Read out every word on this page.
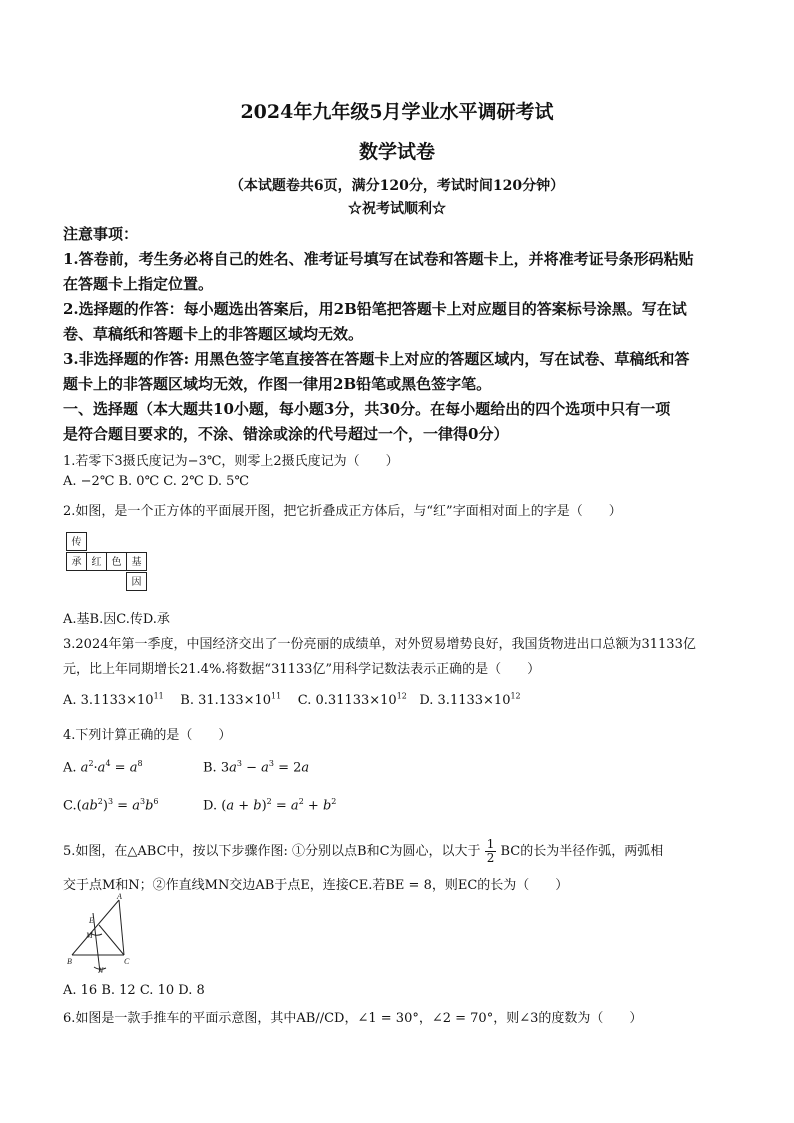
2024年九年级5月学业水平调研考试
数学试卷
（本试题卷共6页，满分120分，考试时间120分钟）
☆祝考试顺利☆
注意事项：
1.答卷前，考生务必将自己的姓名、准考证号填写在试卷和答题卡上，并将准考证号条形码粘贴
在答题卡上指定位置。
2.选择题的作答：每小题选出答案后，用2B铅笔把答题卡上对应题目的答案标号涂黑。写在试
卷、草稿纸和答题卡上的非答题区域均无效。
3.非选择题的作答: 用黑色签字笔直接答在答题卡上对应的答题区域内，写在试卷、草稿纸和答
题卡上的非答题区域均无效，作图一律用2B铅笔或黑色签字笔。
一、选择题（本大题共10小题，每小题3分，共30分。在每小题给出的四个选项中只有一项
是符合题目要求的，不涂、错涂或涂的代号超过一个，一律得0分）
1.若零下3摄氏度记为−3℃，则零上2摄氏度记为（　　）
A. −2℃ B. 0℃ C. 2℃ D. 5℃
2.如图，是一个正方体的平面展开图，把它折叠成正方体后，与“红”字面相对面上的字是（　　）
传
承	红	色	基
因
A.基B.因C.传D.承
3.2024年第一季度，中国经济交出了一份亮丽的成绩单，对外贸易增势良好，我国货物进出口总额为31133亿
元，比上年同期增长21.4%.将数据“31133亿”用科学记数法表示正确的是（　　）
A. $3.1133\times 10^{11}$ B. $31.133\times 10^{11}$ C. $0.31133\times 10^{12}$ D. $3.1133\times 10^{12}$
4.下列计算正确的是（　　）
A. $a^2\cdot a^4 = a^8$	B. $3a^3 - a^3 = 2a$
$C.(ab^2)^3 = a^3b^6$	D. $(a + b)^2 = a^2 + b^2$
5.如图，在△ABC中，按以下步骤作图: ①分别以点B和C为圆心，以大于 $\frac{1}{2}$ BC的长为半径作弧，两弧相
交于点M和N；②作直线MN交边AB于点E，连接CE.若BE = 8，则EC的长为（　　）
A
E
M
B	C
N
A. 16 B. 12 C. 10 D. 8
6.如图是一款手推车的平面示意图，其中AB//CD，∠1 = 30°，∠2 = 70°，则∠3的度数为（　　）
